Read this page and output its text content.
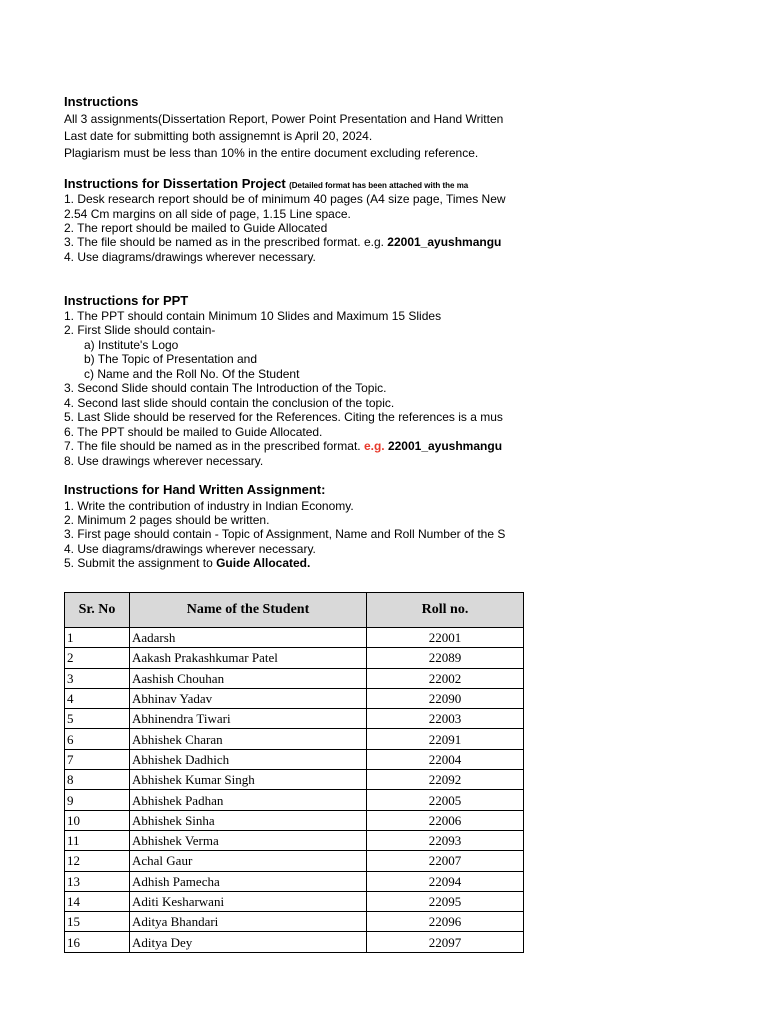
Instructions
All 3 assignments(Dissertation Report, Power Point Presentation and Hand Written
Last date for submitting both assignemnt is April 20, 2024.
Plagiarism must be less than 10% in the entire document excluding reference.
Instructions for Dissertation Project (Detailed format has been attached with the ma
1. Desk research report should be of minimum 40 pages (A4 size page, Times New
2.54 Cm margins on all side of page, 1.15 Line space.
2. The report should be mailed to Guide Allocated
3. The file should be named as in the prescribed format. e.g. 22001_ayushmangu
4. Use diagrams/drawings wherever necessary.
Instructions for PPT
1. The PPT should contain Minimum 10 Slides and Maximum 15 Slides
2. First Slide should contain-
a) Institute's Logo
b) The Topic of Presentation and
c) Name and the Roll No. Of the Student
3. Second Slide should contain The Introduction of the Topic.
4. Second last slide should contain the conclusion of the topic.
5. Last Slide should be reserved for the References. Citing the references is a mus
6. The PPT should be mailed to Guide Allocated.
7. The file should be named as in the prescribed format. e.g. 22001_ayushmangu
8. Use drawings wherever necessary.
Instructions for Hand Written Assignment:
1. Write the contribution of industry in Indian Economy.
2. Minimum 2 pages should be written.
3. First page should contain - Topic of Assignment, Name and Roll Number of the S
4. Use diagrams/drawings wherever necessary.
5. Submit the assignment to Guide Allocated.
Sr. No	Name of the Student	Roll no.
1	Aadarsh	22001
2	Aakash Prakashkumar Patel	22089
3	Aashish Chouhan	22002
4	Abhinav Yadav	22090
5	Abhinendra Tiwari	22003
6	Abhishek Charan	22091
7	Abhishek Dadhich	22004
8	Abhishek Kumar Singh	22092
9	Abhishek Padhan	22005
10	Abhishek Sinha	22006
11	Abhishek Verma	22093
12	Achal Gaur	22007
13	Adhish Pamecha	22094
14	Aditi Kesharwani	22095
15	Aditya Bhandari	22096
16	Aditya Dey	22097
